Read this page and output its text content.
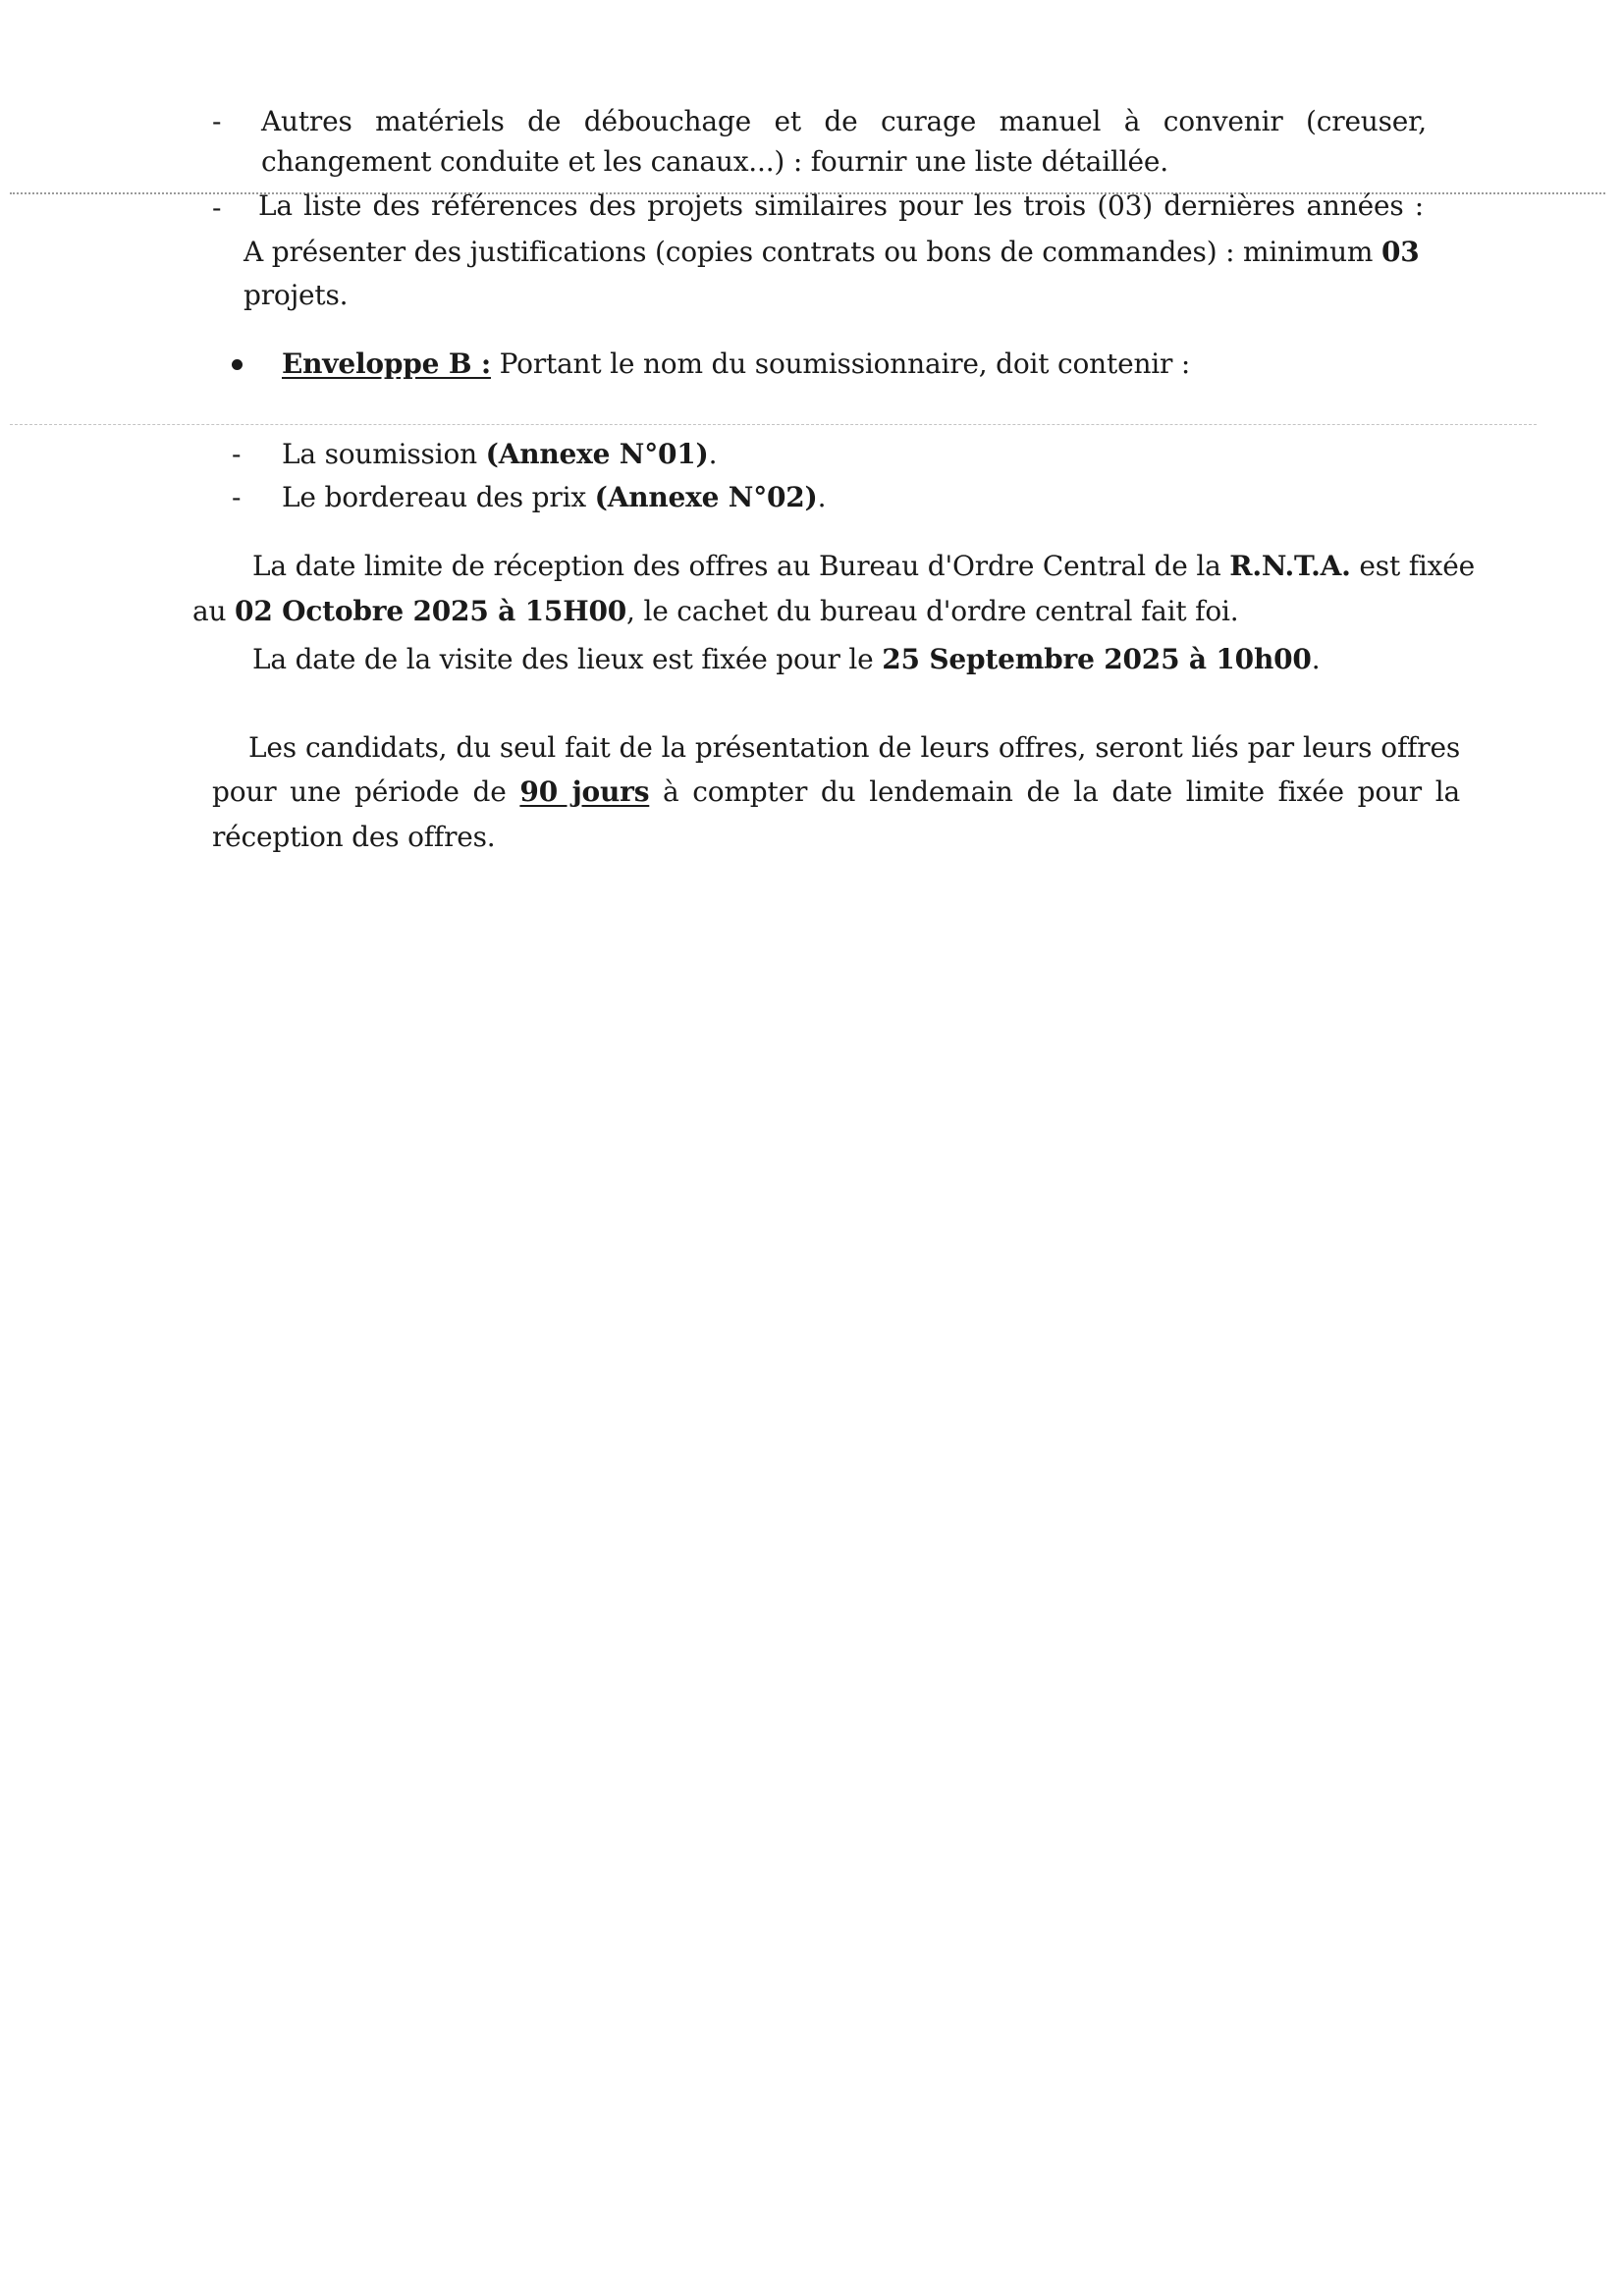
- Autres matériels de débouchage et de curage manuel à convenir (creuser,
changement conduite et les canaux...) : fournir une liste détaillée.
- La liste des références des projets similaires pour les trois (03) dernières années :
A présenter des justifications (copies contrats ou bons de commandes) : minimum 03
projets.
Enveloppe B : Portant le nom du soumissionnaire, doit contenir :
- La soumission (Annexe N°01).
- Le bordereau des prix (Annexe N°02).
La date limite de réception des offres au Bureau d'Ordre Central de la R.N.T.A. est fixée
au 02 Octobre 2025 à 15H00, le cachet du bureau d'ordre central fait foi.
La date de la visite des lieux est fixée pour le 25 Septembre 2025 à 10h00.
Les candidats, du seul fait de la présentation de leurs offres, seront liés par leurs offres
pour une période de 90 jours à compter du lendemain de la date limite fixée pour la
réception des offres.
